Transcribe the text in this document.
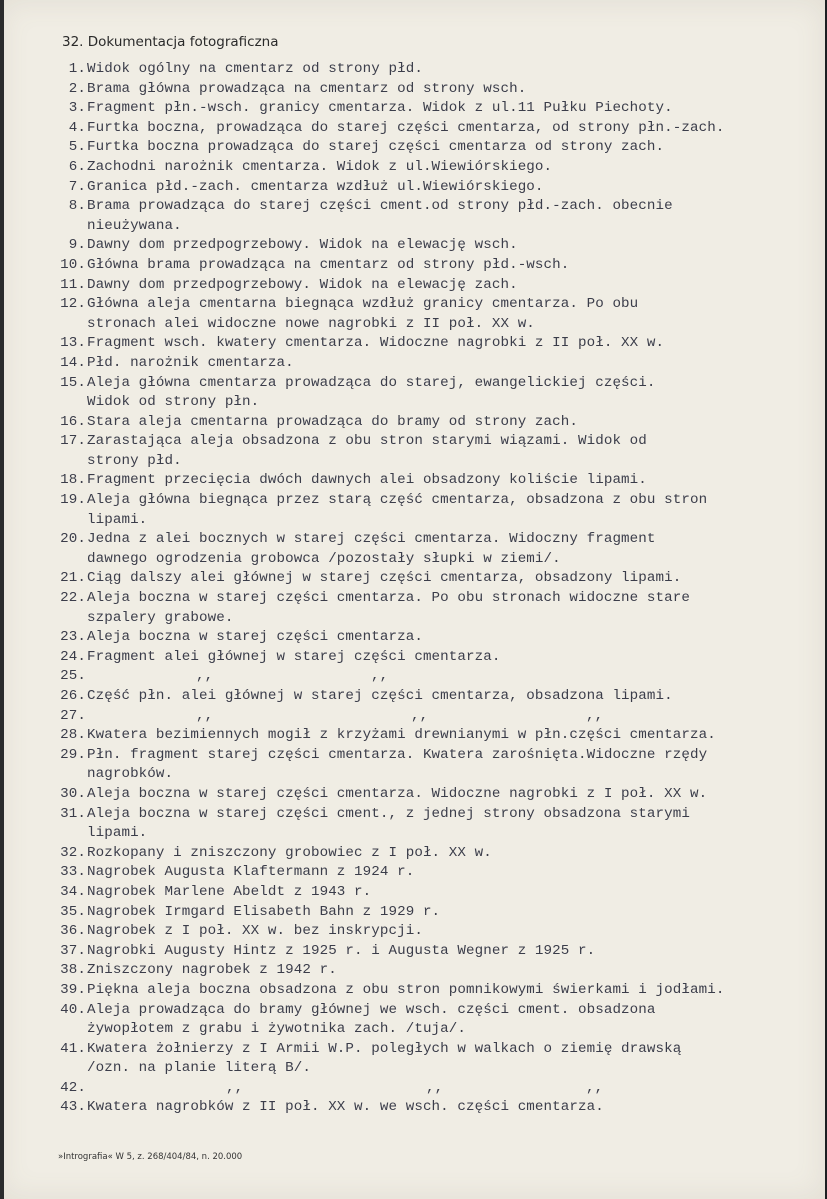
32. Dokumentacja fotograficzna
1. Widok ogólny na cmentarz od strony płd.
2. Brama główna prowadząca na cmentarz od strony wsch.
3. Fragment płn.-wsch. granicy cmentarza. Widok z ul.11 Pułku Piechoty.
4. Furtka boczna, prowadząca do starej części cmentarza, od strony płn.-zach.
5. Furtka boczna prowadząca do starej części cmentarza od strony zach.
6. Zachodni narożnik cmentarza. Widok z ul.Wiewiórskiego.
7. Granica płd.-zach. cmentarza wzdłuż ul.Wiewiórskiego.
8. Brama prowadząca do starej części cment.od strony płd.-zach. obecnie
nieużywana.
9. Dawny dom przedpogrzebowy. Widok na elewację wsch.
10. Główna brama prowadząca na cmentarz od strony płd.-wsch.
11. Dawny dom przedpogrzebowy. Widok na elewację zach.
12. Główna aleja cmentarna biegnąca wzdłuż granicy cmentarza. Po obu
stronach alei widoczne nowe nagrobki z II poł. XX w.
13. Fragment wsch. kwatery cmentarza. Widoczne nagrobki z II poł. XX w.
14. Płd. narożnik cmentarza.
15. Aleja główna cmentarza prowadząca do starej, ewangelickiej części.
Widok od strony płn.
16. Stara aleja cmentarna prowadząca do bramy od strony zach.
17. Zarastająca aleja obsadzona z obu stron starymi wiązami. Widok od
strony płd.
18. Fragment przecięcia dwóch dawnych alei obsadzony koliście lipami.
19. Aleja główna biegnąca przez starą część cmentarza, obsadzona z obu stron
lipami.
20. Jedna z alei bocznych w starej części cmentarza. Widoczny fragment
dawnego ogrodzenia grobowca /pozostały słupki w ziemi/.
21. Ciąg dalszy alei głównej w starej części cmentarza, obsadzony lipami.
22. Aleja boczna w starej części cmentarza. Po obu stronach widoczne stare
szpalery grabowe.
23. Aleja boczna w starej części cmentarza.
24. Fragment alei głównej w starej części cmentarza.
25.	,,	,,
26. Część płn. alei głównej w starej części cmentarza, obsadzona lipami.
27.	,,	,,	,,
28. Kwatera bezimiennych mogił z krzyżami drewnianymi w płn.części cmentarza.
29. Płn. fragment starej części cmentarza. Kwatera zarośnięta.Widoczne rzędy
nagrobków.
30. Aleja boczna w starej części cmentarza. Widoczne nagrobki z I poł. XX w.
31. Aleja boczna w starej części cment., z jednej strony obsadzona starymi
lipami.
32. Rozkopany i zniszczony grobowiec z I poł. XX w.
33. Nagrobek Augusta Klaftermann z 1924 r.
34. Nagrobek Marlene Abeldt z 1943 r.
35. Nagrobek Irmgard Elisabeth Bahn z 1929 r.
36. Nagrobek z I poł. XX w. bez inskrypcji.
37. Nagrobki Augusty Hintz z 1925 r. i Augusta Wegner z 1925 r.
38. Zniszczony nagrobek z 1942 r.
39. Piękna aleja boczna obsadzona z obu stron pomnikowymi świerkami i jodłami.
40. Aleja prowadząca do bramy głównej we wsch. części cment. obsadzona
żywopłotem z grabu i żywotnika zach. /tuja/.
41. Kwatera żołnierzy z I Armii W.P. poległych w walkach o ziemię drawską
/ozn. na planie literą B/.
42.	,,	,,	,,
43. Kwatera nagrobków z II poł. XX w. we wsch. części cmentarza.
»Intrografia« W 5, z. 268/404/84, n. 20.000
